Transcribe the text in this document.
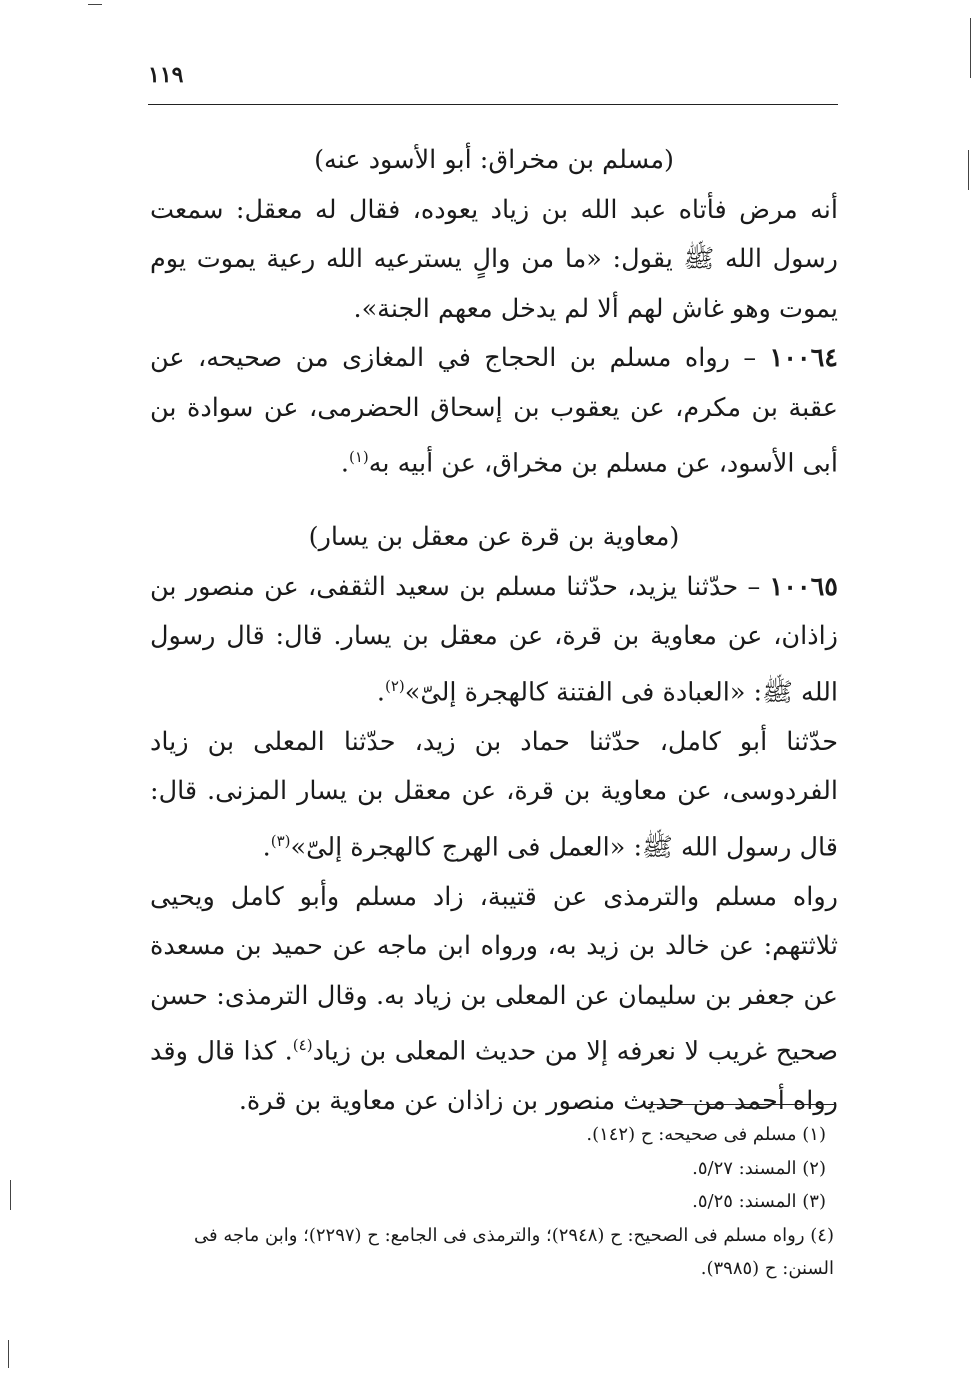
١١٩
(مسلم بن مخراق: أبو الأسود عنه)

أنه مرض فأتاه عبد الله بن زياد يعوده، فقال له معقل: سمعت رسول الله ﷺ يقول: «ما من والٍ يسترعيه الله رعية يموت يوم يموت وهو غاش لهم ألا لم يدخل معهم الجنة».

١٠٠٦٤ – رواه مسلم بن الحجاج في المغازى من صحيحه، عن عقبة بن مكرم، عن يعقوب بن إسحاق الحضرمى، عن سوادة بن أبى الأسود، عن مسلم بن مخراق، عن أبيه به$^{(١)}$.

(معاوية بن قرة عن معقل بن يسار)

١٠٠٦٥ – حدّثنا يزيد، حدّثنا مسلم بن سعيد الثقفى، عن منصور بن زاذان، عن معاوية بن قرة، عن معقل بن يسار. قال: قال رسول الله ﷺ: «العبادة فى الفتنة كالهجرة إلىّ»$^{(٢)}$.

حدّثنا أبو كامل، حدّثنا حماد بن زيد، حدّثنا المعلى بن زياد الفردوسى، عن معاوية بن قرة، عن معقل بن يسار المزنى. قال: قال رسول الله ﷺ: «العمل فى الهرج كالهجرة إلىّ»$^{(٣)}$.

رواه مسلم والترمذى عن قتيبة، زاد مسلم وأبو كامل ويحيى ثلاثتهم: عن خالد بن زيد به، ورواه ابن ماجه عن حميد بن مسعدة عن جعفر بن سليمان عن المعلى بن زياد به. وقال الترمذى: حسن صحيح غريب لا نعرفه إلا من حديث المعلى بن زياد$^{(٤)}$. كذا قال وقد رواه أحمد من حديث منصور بن زاذان عن معاوية بن قرة.

(١) مسلم فى صحيحه: ح (١٤٢).

(٢) المسند: ٥/٢٧.

(٣) المسند: ٥/٢٥.

(٤) رواه مسلم فى الصحيح: ح (٢٩٤٨)؛ والترمذى فى الجامع: ح (٢٢٩٧)؛ وابن ماجه فى السنن: ح (٣٩٨٥).
